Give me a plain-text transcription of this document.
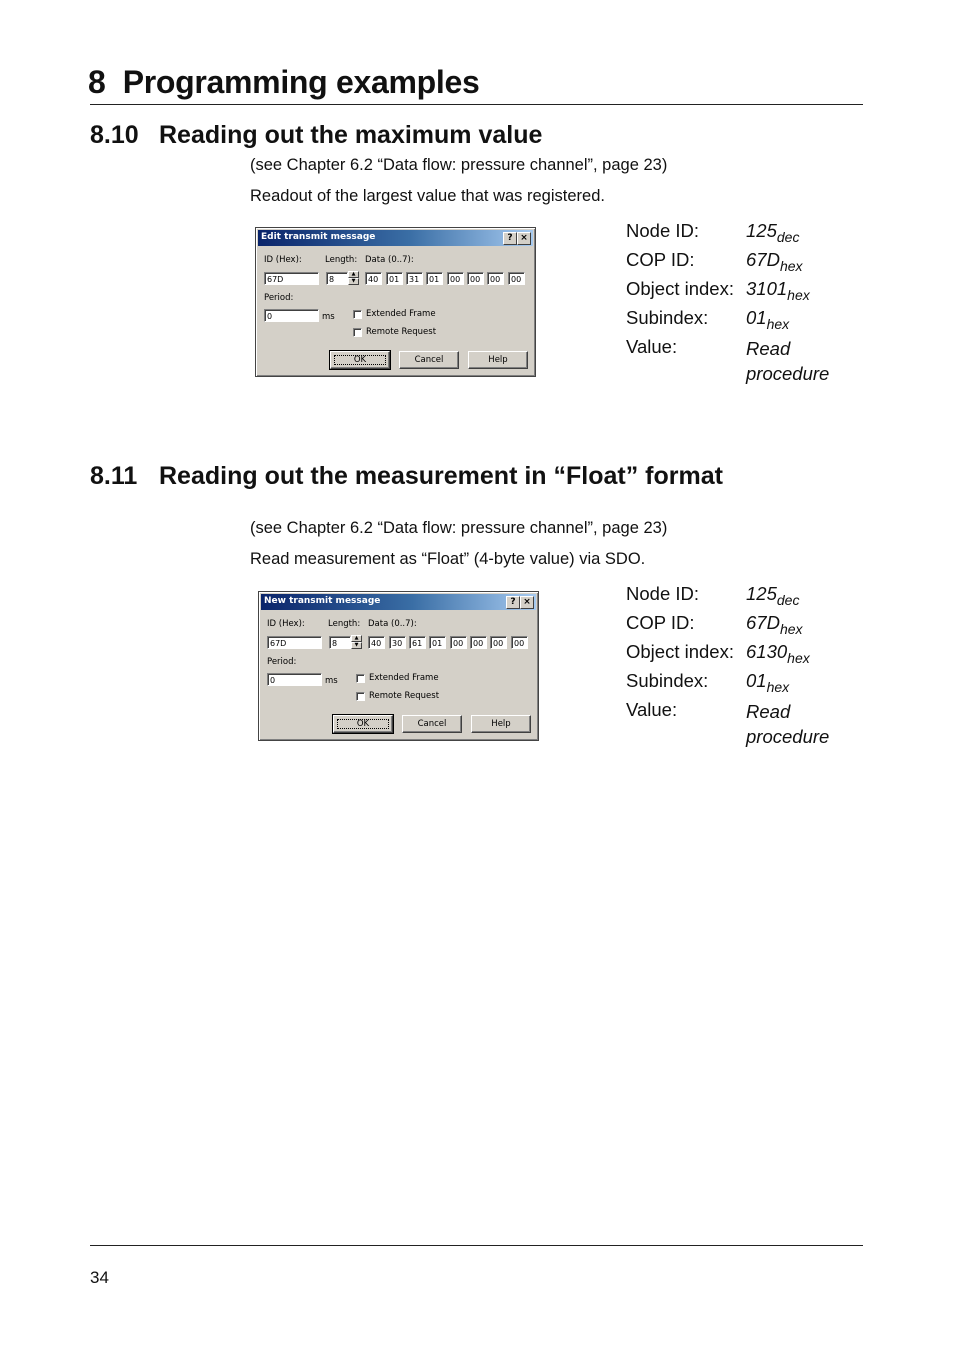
8 Programming examples
8.10 Reading out the maximum value

(see Chapter 6.2 “Data flow: pressure channel”, page 23)

Readout of the largest value that was registered.

Edit transmit message	? ×
ID (Hex):	Length: Data (0..7):
67D	8
▲
▼	40	01	31	01	00	00	00	00
Period:
0	ms	Extended Frame
Remote Request
OK	Cancel	Help
Node ID:	$125_{dec}$
COP ID:	$67D_{hex}$
Object index: $3101_{hex}$
Subindex:	$01_{hex}$
Value:	Read
procedure
8.11 Reading out the measurement in “Float” format

(see Chapter 6.2 “Data flow: pressure channel”, page 23)

Read measurement as “Float” (4-byte value) via SDO.

New transmit message	? ×
ID (Hex):	Length: Data (0..7):
67D	8
▲
▼	40	30	61	01	00	00	00	00
Period:
0	ms	Extended Frame
Remote Request
OK	Cancel	Help
Node ID:	$125_{dec}$
COP ID:	$67D_{hex}$
Object index: $6130_{hex}$
Subindex:	$01_{hex}$
Value:	Read
procedure
34
